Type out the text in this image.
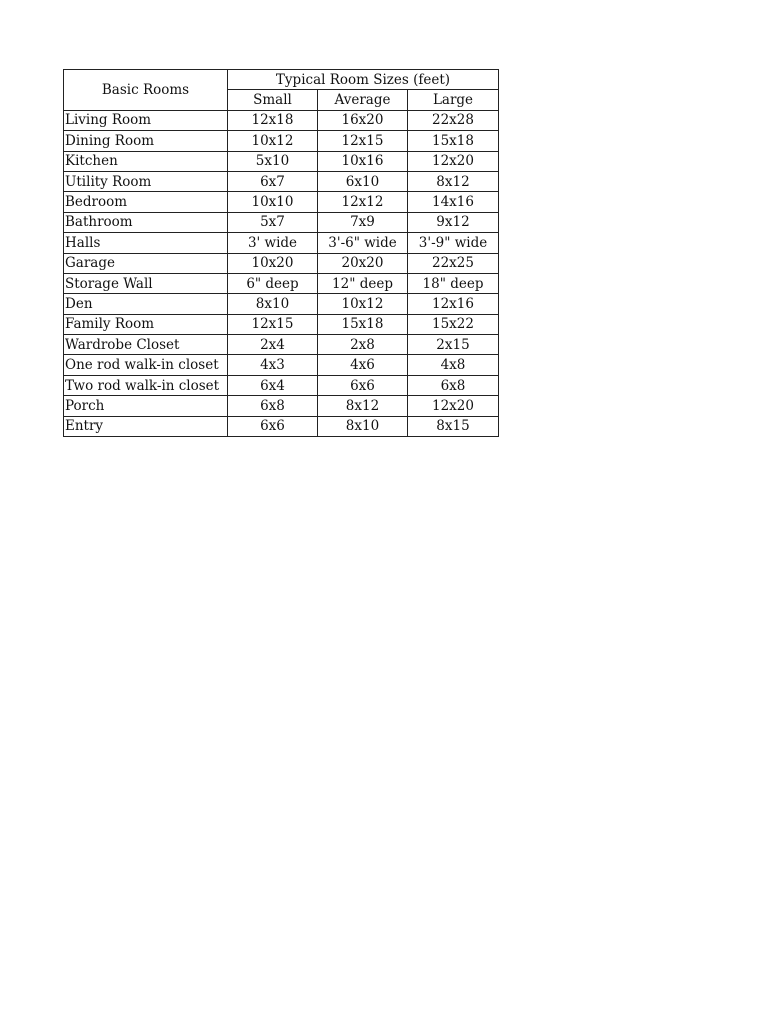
Basic Rooms	Typical Room Sizes (feet)		
	Small	Average	Large
Living Room	12x18	16x20	22x28
Dining Room	10x12	12x15	15x18
Kitchen	5x10	10x16	12x20
Utility Room	6x7	6x10	8x12
Bedroom	10x10	12x12	14x16
Bathroom	5x7	7x9	9x12
Halls	3' wide	3'-6" wide	3'-9" wide
Garage	10x20	20x20	22x25
Storage Wall	6" deep	12" deep	18" deep
Den	8x10	10x12	12x16
Family Room	12x15	15x18	15x22
Wardrobe Closet	2x4	2x8	2x15
One rod walk-in closet	4x3	4x6	4x8
Two rod walk-in closet	6x4	6x6	6x8
Porch	6x8	8x12	12x20
Entry	6x6	8x10	8x15
